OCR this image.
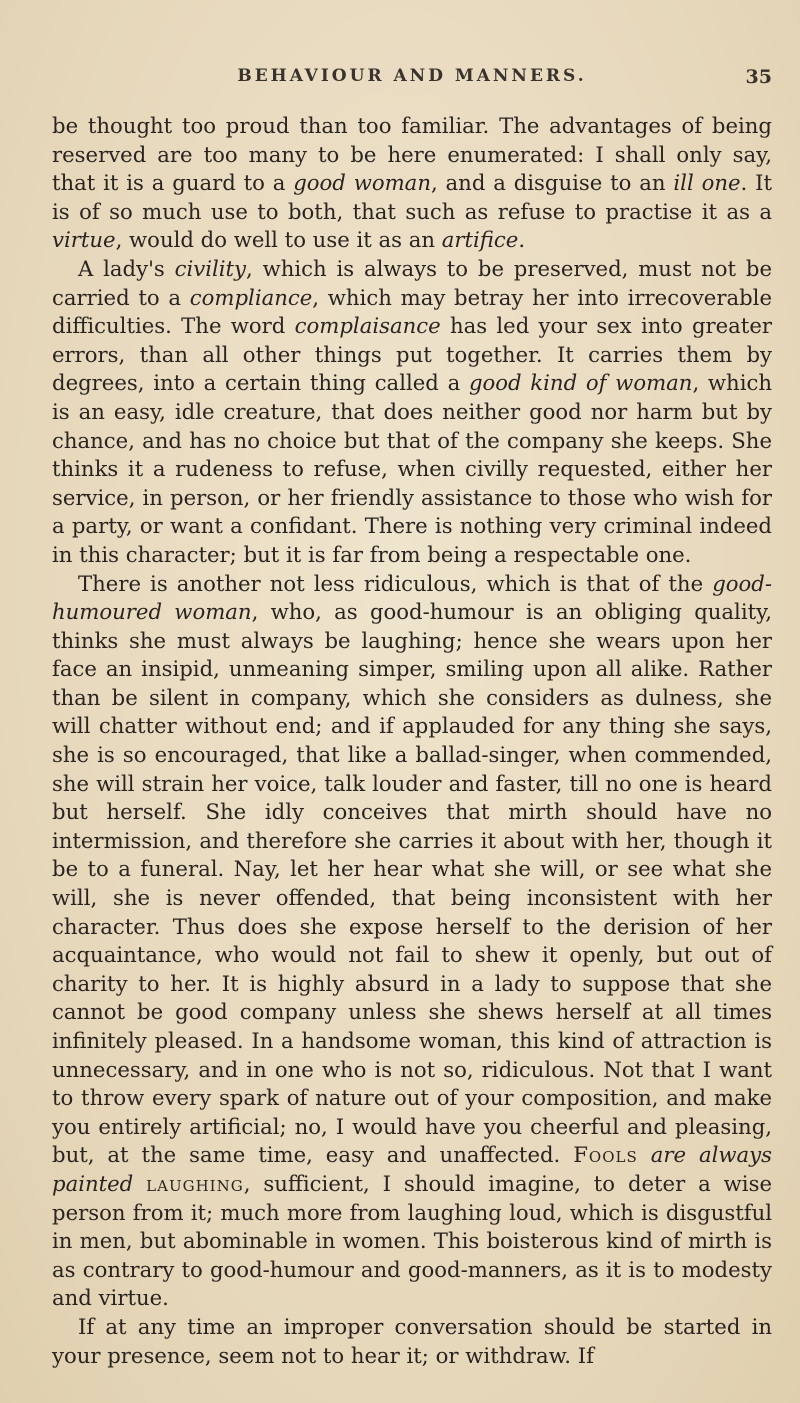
BEHAVIOUR AND MANNERS.	35

be thought too proud than too familiar. The advantages of being reserved are too many to be here enumerated: I shall only say, that it is a guard to a good woman, and a disguise to an ill one. It is of so much use to both, that such as refuse to practise it as a virtue, would do well to use it as an artifice.

A lady's civility, which is always to be preserved, must not be carried to a compliance, which may betray her into irrecoverable difficulties. The word complaisance has led your sex into greater errors, than all other things put together. It carries them by degrees, into a certain thing called a good kind of woman, which is an easy, idle creature, that does neither good nor harm but by chance, and has no choice but that of the company she keeps. She thinks it a rudeness to refuse, when civilly requested, either her service, in person, or her friendly assistance to those who wish for a party, or want a confidant. There is nothing very criminal indeed in this character; but it is far from being a respectable one.

There is another not less ridiculous, which is that of the good-humoured woman, who, as good-humour is an obliging quality, thinks she must always be laughing; hence she wears upon her face an insipid, unmeaning simper, smiling upon all alike. Rather than be silent in company, which she considers as dulness, she will chatter without end; and if applauded for any thing she says, she is so encouraged, that like a ballad-singer, when commended, she will strain her voice, talk louder and faster, till no one is heard but herself. She idly conceives that mirth should have no intermission, and therefore she carries it about with her, though it be to a funeral. Nay, let her hear what she will, or see what she will, she is never offended, that being inconsistent with her character. Thus does she expose herself to the derision of her acquaintance, who would not fail to shew it openly, but out of charity to her. It is highly absurd in a lady to suppose that she cannot be good company unless she shews herself at all times infinitely pleased. In a handsome woman, this kind of attraction is unnecessary, and in one who is not so, ridiculous. Not that I want to throw every spark of nature out of your composition, and make you entirely artificial; no, I would have you cheerful and pleasing, but, at the same time, easy and unaffected. Fools are always painted laughing, sufficient, I should imagine, to deter a wise person from it; much more from laughing loud, which is disgustful in men, but abominable in women. This boisterous kind of mirth is as contrary to good-humour and good-manners, as it is to modesty and virtue.

If at any time an improper conversation should be started in your presence, seem not to hear it; or withdraw. If
